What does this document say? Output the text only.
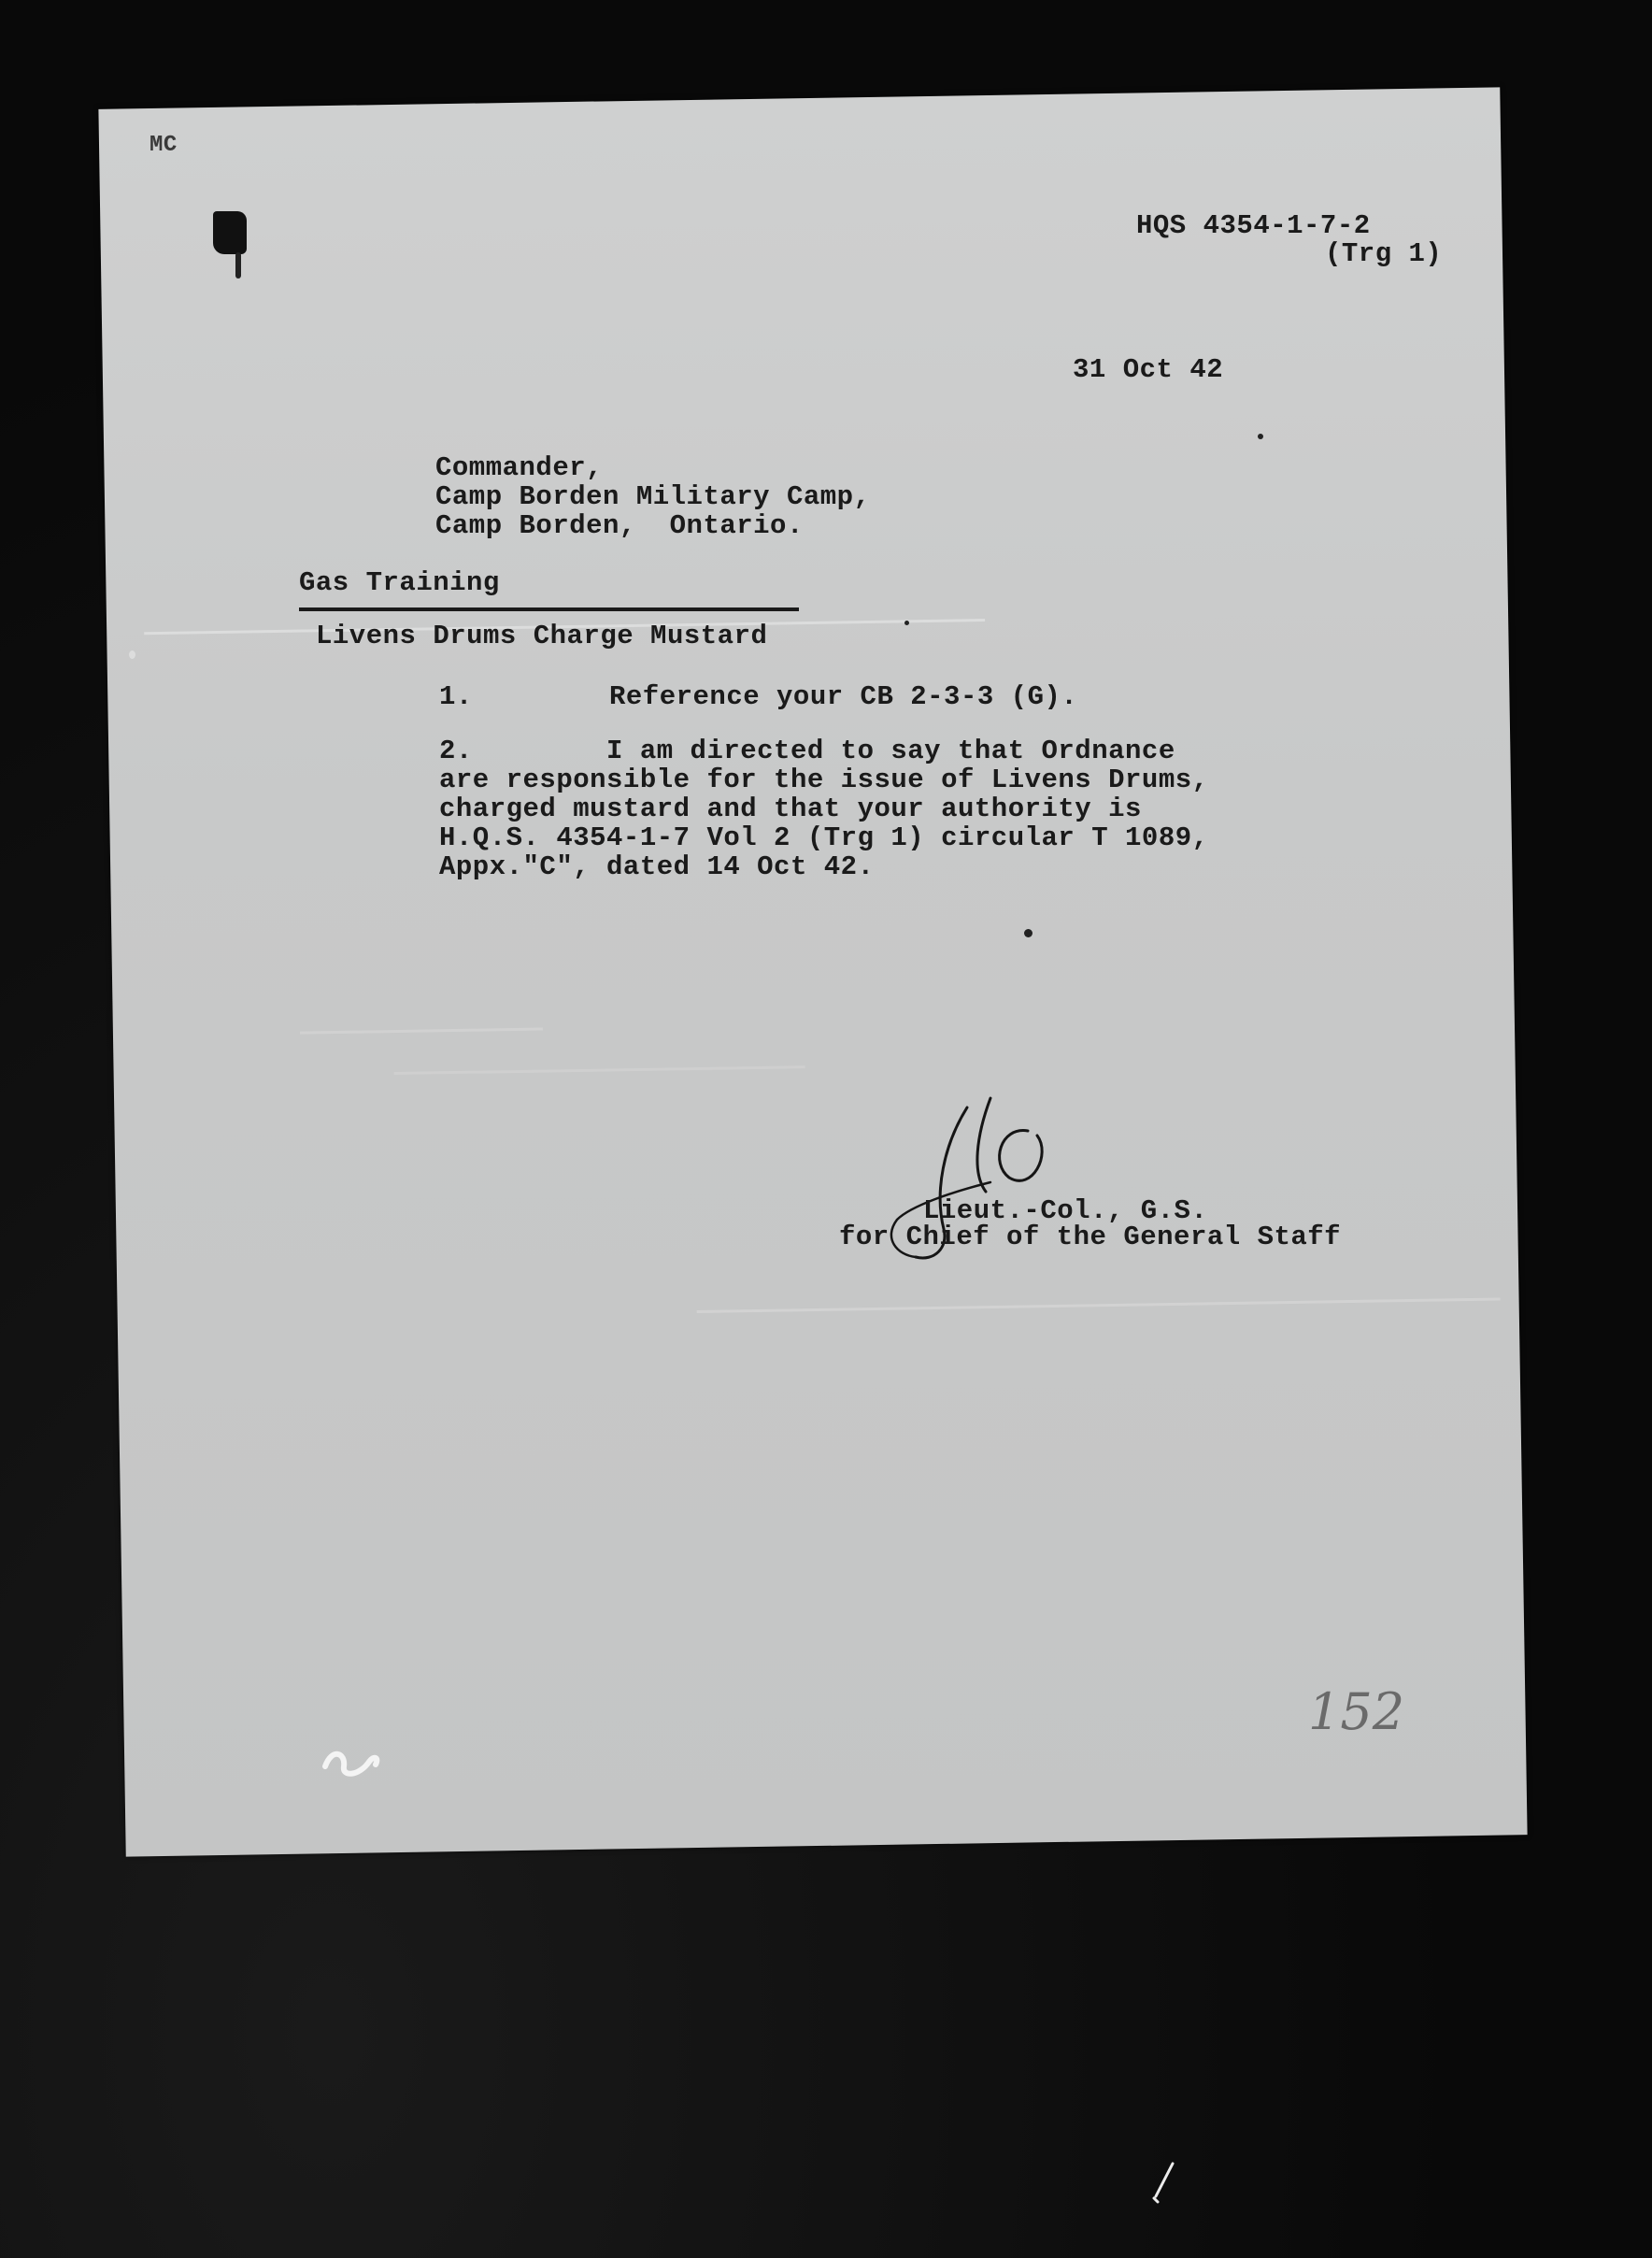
MC
HQS 4354-1-7-2
(Trg 1)
31 Oct 42
Commander,
Camp Borden Military Camp,
Camp Borden,  Ontario.
Gas Training
Livens Drums Charge Mustard
1.	Reference your CB 2-3-3 (G).
2.        I am directed to say that Ordnance
are responsible for the issue of Livens Drums,
charged mustard and that your authority is
H.Q.S. 4354-1-7 Vol 2 (Trg 1) circular T 1089,
Appx."C", dated 14 Oct 42.
Lieut.-Col., G.S.
for Chief of the General Staff
152
